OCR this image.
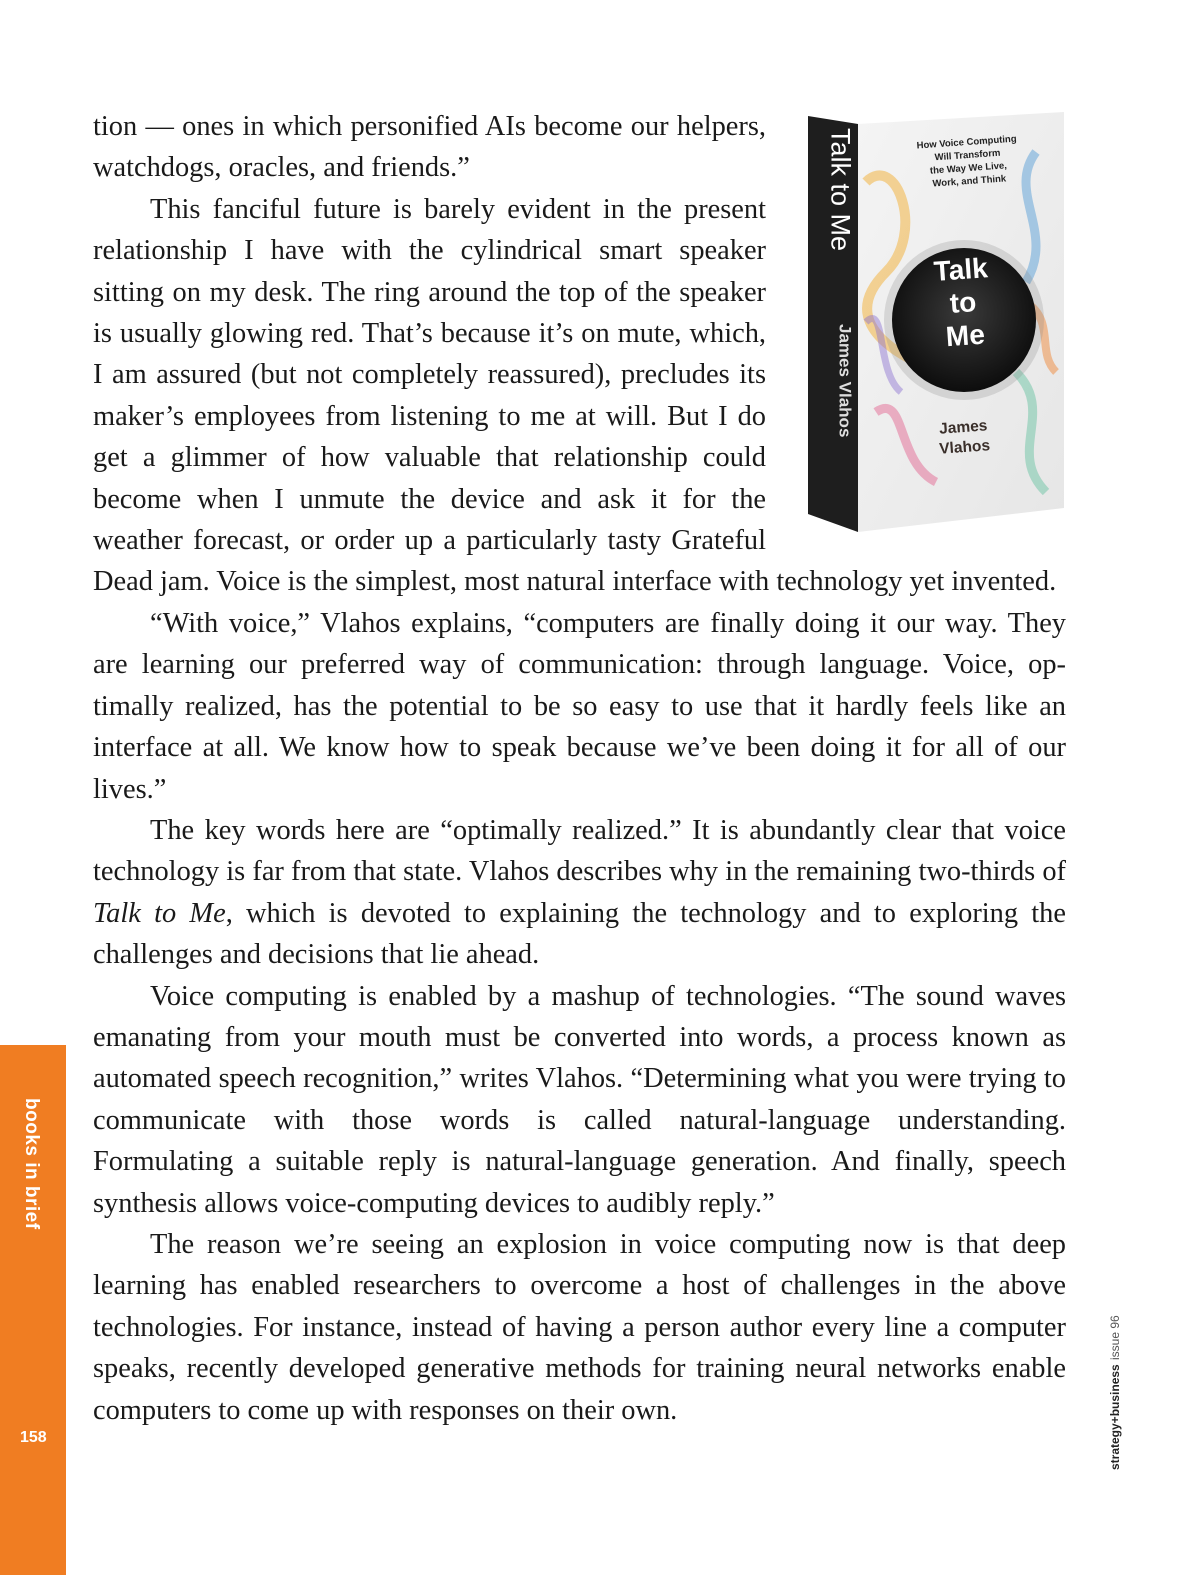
books in brief
158	strategy+business
issue 96
Talk to Me
James Vlahos
How Voice Computing
Will Transform
the Way We Live,
Work, and Think
Talk
to
Me
James
Vlahos

tion — ones in which personified AIs become our helpers, watchdogs, oracles, and friends.”

This fanciful future is barely evident in the present relationship I have with the cylindrical smart speaker sitting on my desk. The ring around the top of the speaker is usually glowing red. That’s because it’s on mute, which, I am assured (but not completely reassured), precludes its maker’s employees from listening to me at will. But I do get a glimmer of how valuable that relationship could become when I unmute the device and ask it for the weather forecast, or order up a particularly tasty Grateful Dead jam. Voice is the simplest, most natural interface with technology yet invented.

“With voice,” Vlahos explains, “computers are finally doing it our way. They are learning our preferred way of communication: through language. Voice, optimally realized, has the potential to be so easy to use that it hardly feels like an interface at all. We know how to speak because we’ve been doing it for all of our lives.”

The key words here are “optimally realized.” It is abundantly clear that voice technology is far from that state. Vlahos describes why in the remaining two-thirds of Talk to Me, which is devoted to explaining the technology and to exploring the challenges and decisions that lie ahead.

Voice computing is enabled by a mashup of technologies. “The sound waves emanating from your mouth must be converted into words, a process known as automated speech recognition,” writes Vlahos. “Determining what you were trying to communicate with those words is called natural-language understanding. Formulating a suitable reply is natural-language generation. And finally, speech synthesis allows voice-computing devices to audibly reply.”

The reason we’re seeing an explosion in voice computing now is that deep learning has enabled researchers to overcome a host of challenges in the above technologies. For instance, instead of having a person author every line a computer speaks, recently developed generative methods for training neural networks enable computers to come up with responses on their own.
